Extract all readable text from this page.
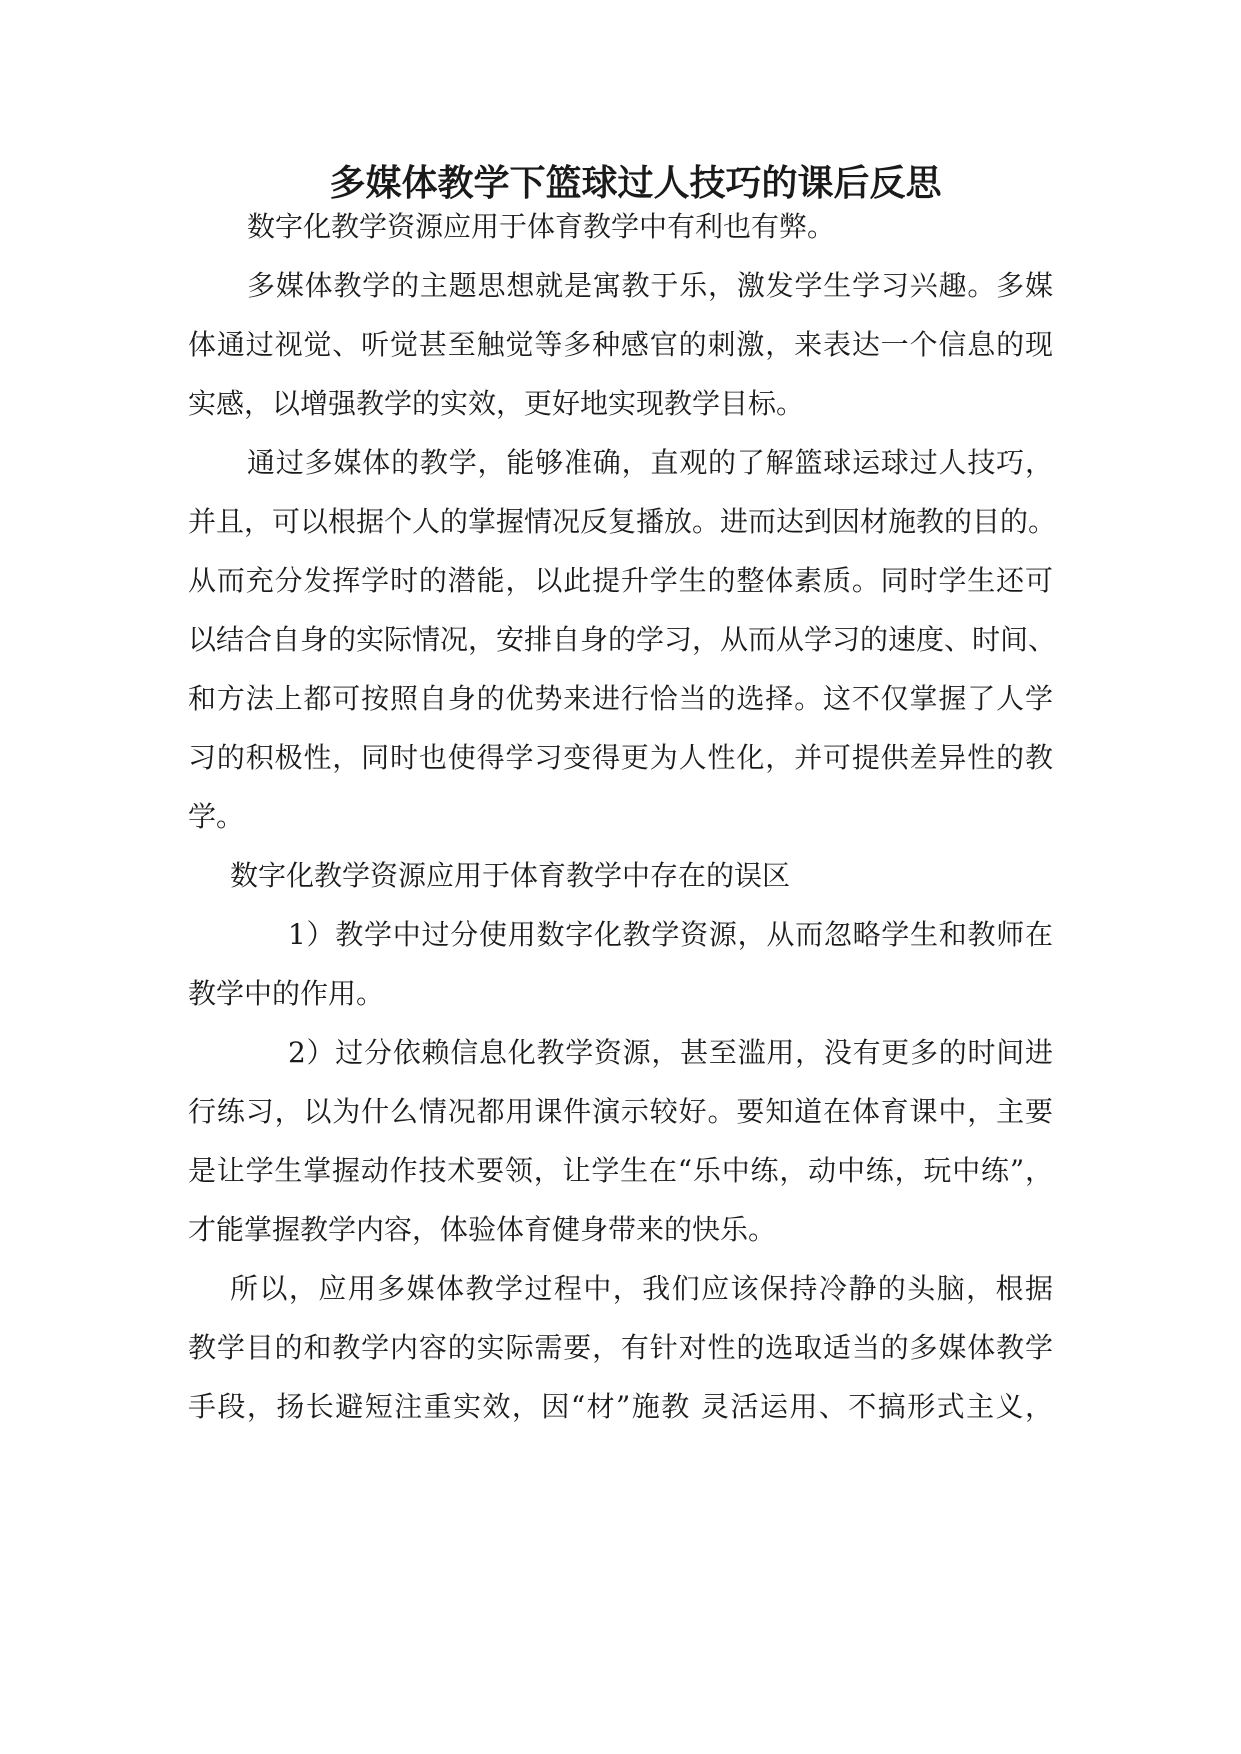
多媒体教学下篮球过人技巧的课后反思

数字化教学资源应用于体育教学中有利也有弊。

多媒体教学的主题思想就是寓教于乐，激发学生学习兴趣。多媒

体通过视觉、听觉甚至触觉等多种感官的刺激，来表达一个信息的现

实感，以增强教学的实效，更好地实现教学目标。

通过多媒体的教学，能够准确，直观的了解篮球运球过人技巧，

并且，可以根据个人的掌握情况反复播放。进而达到因材施教的目的。

从而充分发挥学时的潜能，以此提升学生的整体素质。同时学生还可

以结合自身的实际情况，安排自身的学习，从而从学习的速度、时间、

和方法上都可按照自身的优势来进行恰当的选择。这不仅掌握了人学

习的积极性，同时也使得学习变得更为人性化，并可提供差异性的教

学。

数字化教学资源应用于体育教学中存在的误区

1）教学中过分使用数字化教学资源，从而忽略学生和教师在

教学中的作用。

2）过分依赖信息化教学资源，甚至滥用，没有更多的时间进

行练习，以为什么情况都用课件演示较好。要知道在体育课中，主要

是让学生掌握动作技术要领，让学生在“乐中练，动中练，玩中练”，

才能掌握教学内容，体验体育健身带来的快乐。

所以，应用多媒体教学过程中，我们应该保持冷静的头脑，根据

教学目的和教学内容的实际需要，有针对性的选取适当的多媒体教学

手段，扬长避短注重实效，因“材”施教 灵活运用、不搞形式主义，
